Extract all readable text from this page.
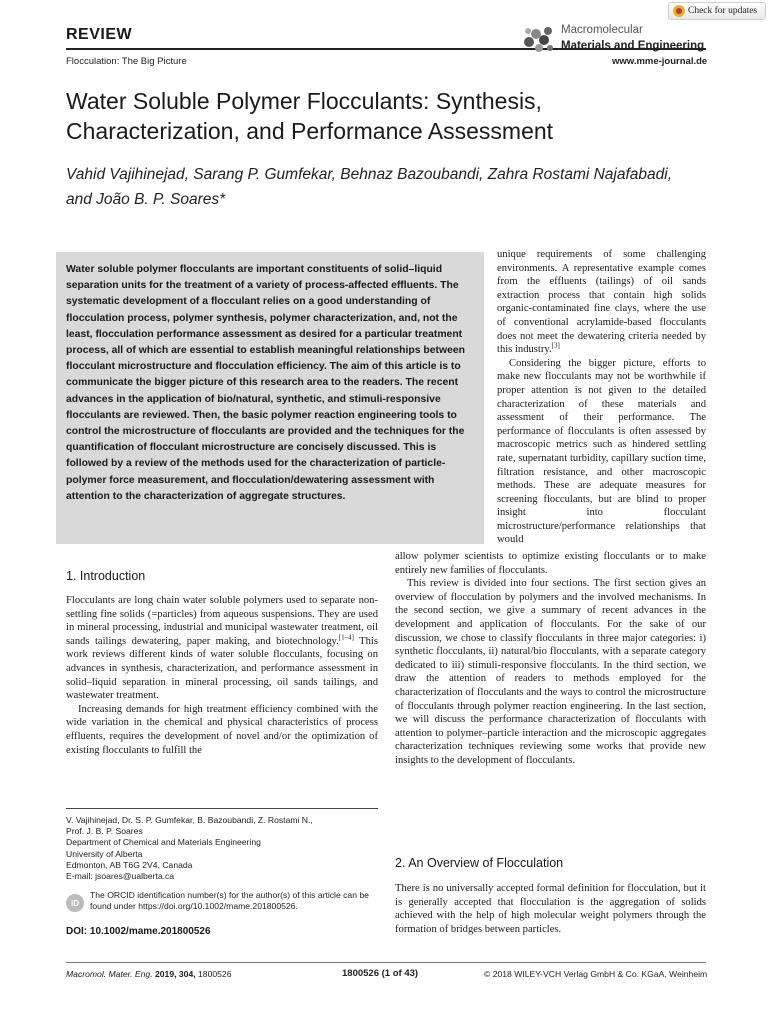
Check for updates
REVIEW
Flocculation: The Big Picture
Macromolecular
Materials and Engineering
www.mme-journal.de
Water Soluble Polymer Flocculants: Synthesis,
Characterization, and Performance Assessment
Vahid Vajihinejad, Sarang P. Gumfekar, Behnaz Bazoubandi, Zahra Rostami Najafabadi,
and João B. P. Soares*

Water soluble polymer flocculants are important constituents of solid–liquid separation units for the treatment of a variety of process-affected effluents. The systematic development of a flocculant relies on a good understanding of flocculation process, polymer synthesis, polymer characterization, and, not the least, flocculation performance assessment as desired for a particular treatment process, all of which are essential to establish meaningful relationships between flocculant microstructure and flocculation efficiency. The aim of this article is to communicate the bigger picture of this research area to the readers. The recent advances in the application of bio/natural, synthetic, and stimuli-responsive flocculants are reviewed. Then, the basic polymer reaction engineering tools to control the microstructure of flocculants are provided and the techniques for the quantification of flocculant microstructure are concisely discussed. This is followed by a review of the methods used for the characterization of particle-polymer force measurement, and flocculation/dewatering assessment with attention to the characterization of aggregate structures.

unique requirements of some challenging environments. A representative example comes from the effluents (tailings) of oil sands extraction process that contain high solids organic-contaminated fine clays, where the use of conventional acrylamide-based flocculants does not meet the dewatering criteria needed by this industry.[3]

Considering the bigger picture, efforts to make new flocculants may not be worthwhile if proper attention is not given to the detailed characterization of these materials and assessment of their performance. The performance of flocculants is often assessed by macroscopic metrics such as hindered settling rate, supernatant turbidity, capillary suction time, filtration resistance, and other macroscopic methods. These are adequate measures for screening flocculants, but are blind to proper insight into flocculant microstructure/performance relationships that would

allow polymer scientists to optimize existing flocculants or to make entirely new families of flocculants.

This review is divided into four sections. The first section gives an overview of flocculation by polymers and the involved mechanisms. In the second section, we give a summary of recent advances in the development and application of flocculants. For the sake of our discussion, we chose to classify flocculants in three major categories: i) synthetic flocculants, ii) natural/bio flocculants, with a separate category dedicated to iii) stimuli-responsive flocculants. In the third section, we draw the attention of readers to methods employed for the characterization of flocculants and the ways to control the microstructure of flocculants through polymer reaction engineering. In the last section, we will discuss the performance characterization of flocculants with attention to polymer–particle interaction and the microscopic aggregates characterization techniques reviewing some works that provide new insights to the development of flocculants.

1. Introduction

Flocculants are long chain water soluble polymers used to separate non-settling fine solids (=particles) from aqueous suspensions. They are used in mineral processing, industrial and municipal wastewater treatment, oil sands tailings dewatering, paper making, and biotechnology.[1–4] This work reviews different kinds of water soluble flocculants, focusing on advances in synthesis, characterization, and performance assessment in solid–liquid separation in mineral processing, oil sands tailings, and wastewater treatment.

Increasing demands for high treatment efficiency combined with the wide variation in the chemical and physical characteristics of process effluents, requires the development of novel and/or the optimization of existing flocculants to fulfill the

V. Vajihinejad, Dr. S. P. Gumfekar, B. Bazoubandi, Z. Rostami N.,
Prof. J. B. P. Soares
Department of Chemical and Materials Engineering
University of Alberta
Edmonton, AB T6G 2V4, Canada
E-mail: jsoares@ualberta.ca
iD
The ORCID identification number(s) for the author(s) of this article can be found under https://doi.org/10.1002/mame.201800526.
DOI: 10.1002/mame.201800526
2. An Overview of Flocculation

There is no universally accepted formal definition for flocculation, but it is generally accepted that flocculation is the aggregation of solids achieved with the help of high molecular weight polymers through the formation of bridges between particles.

Macromol. Mater. Eng. 2019, 304, 1800526	1800526 (1 of 43)	© 2018 WILEY-VCH Verlag GmbH & Co. KGaA, Weinheim
